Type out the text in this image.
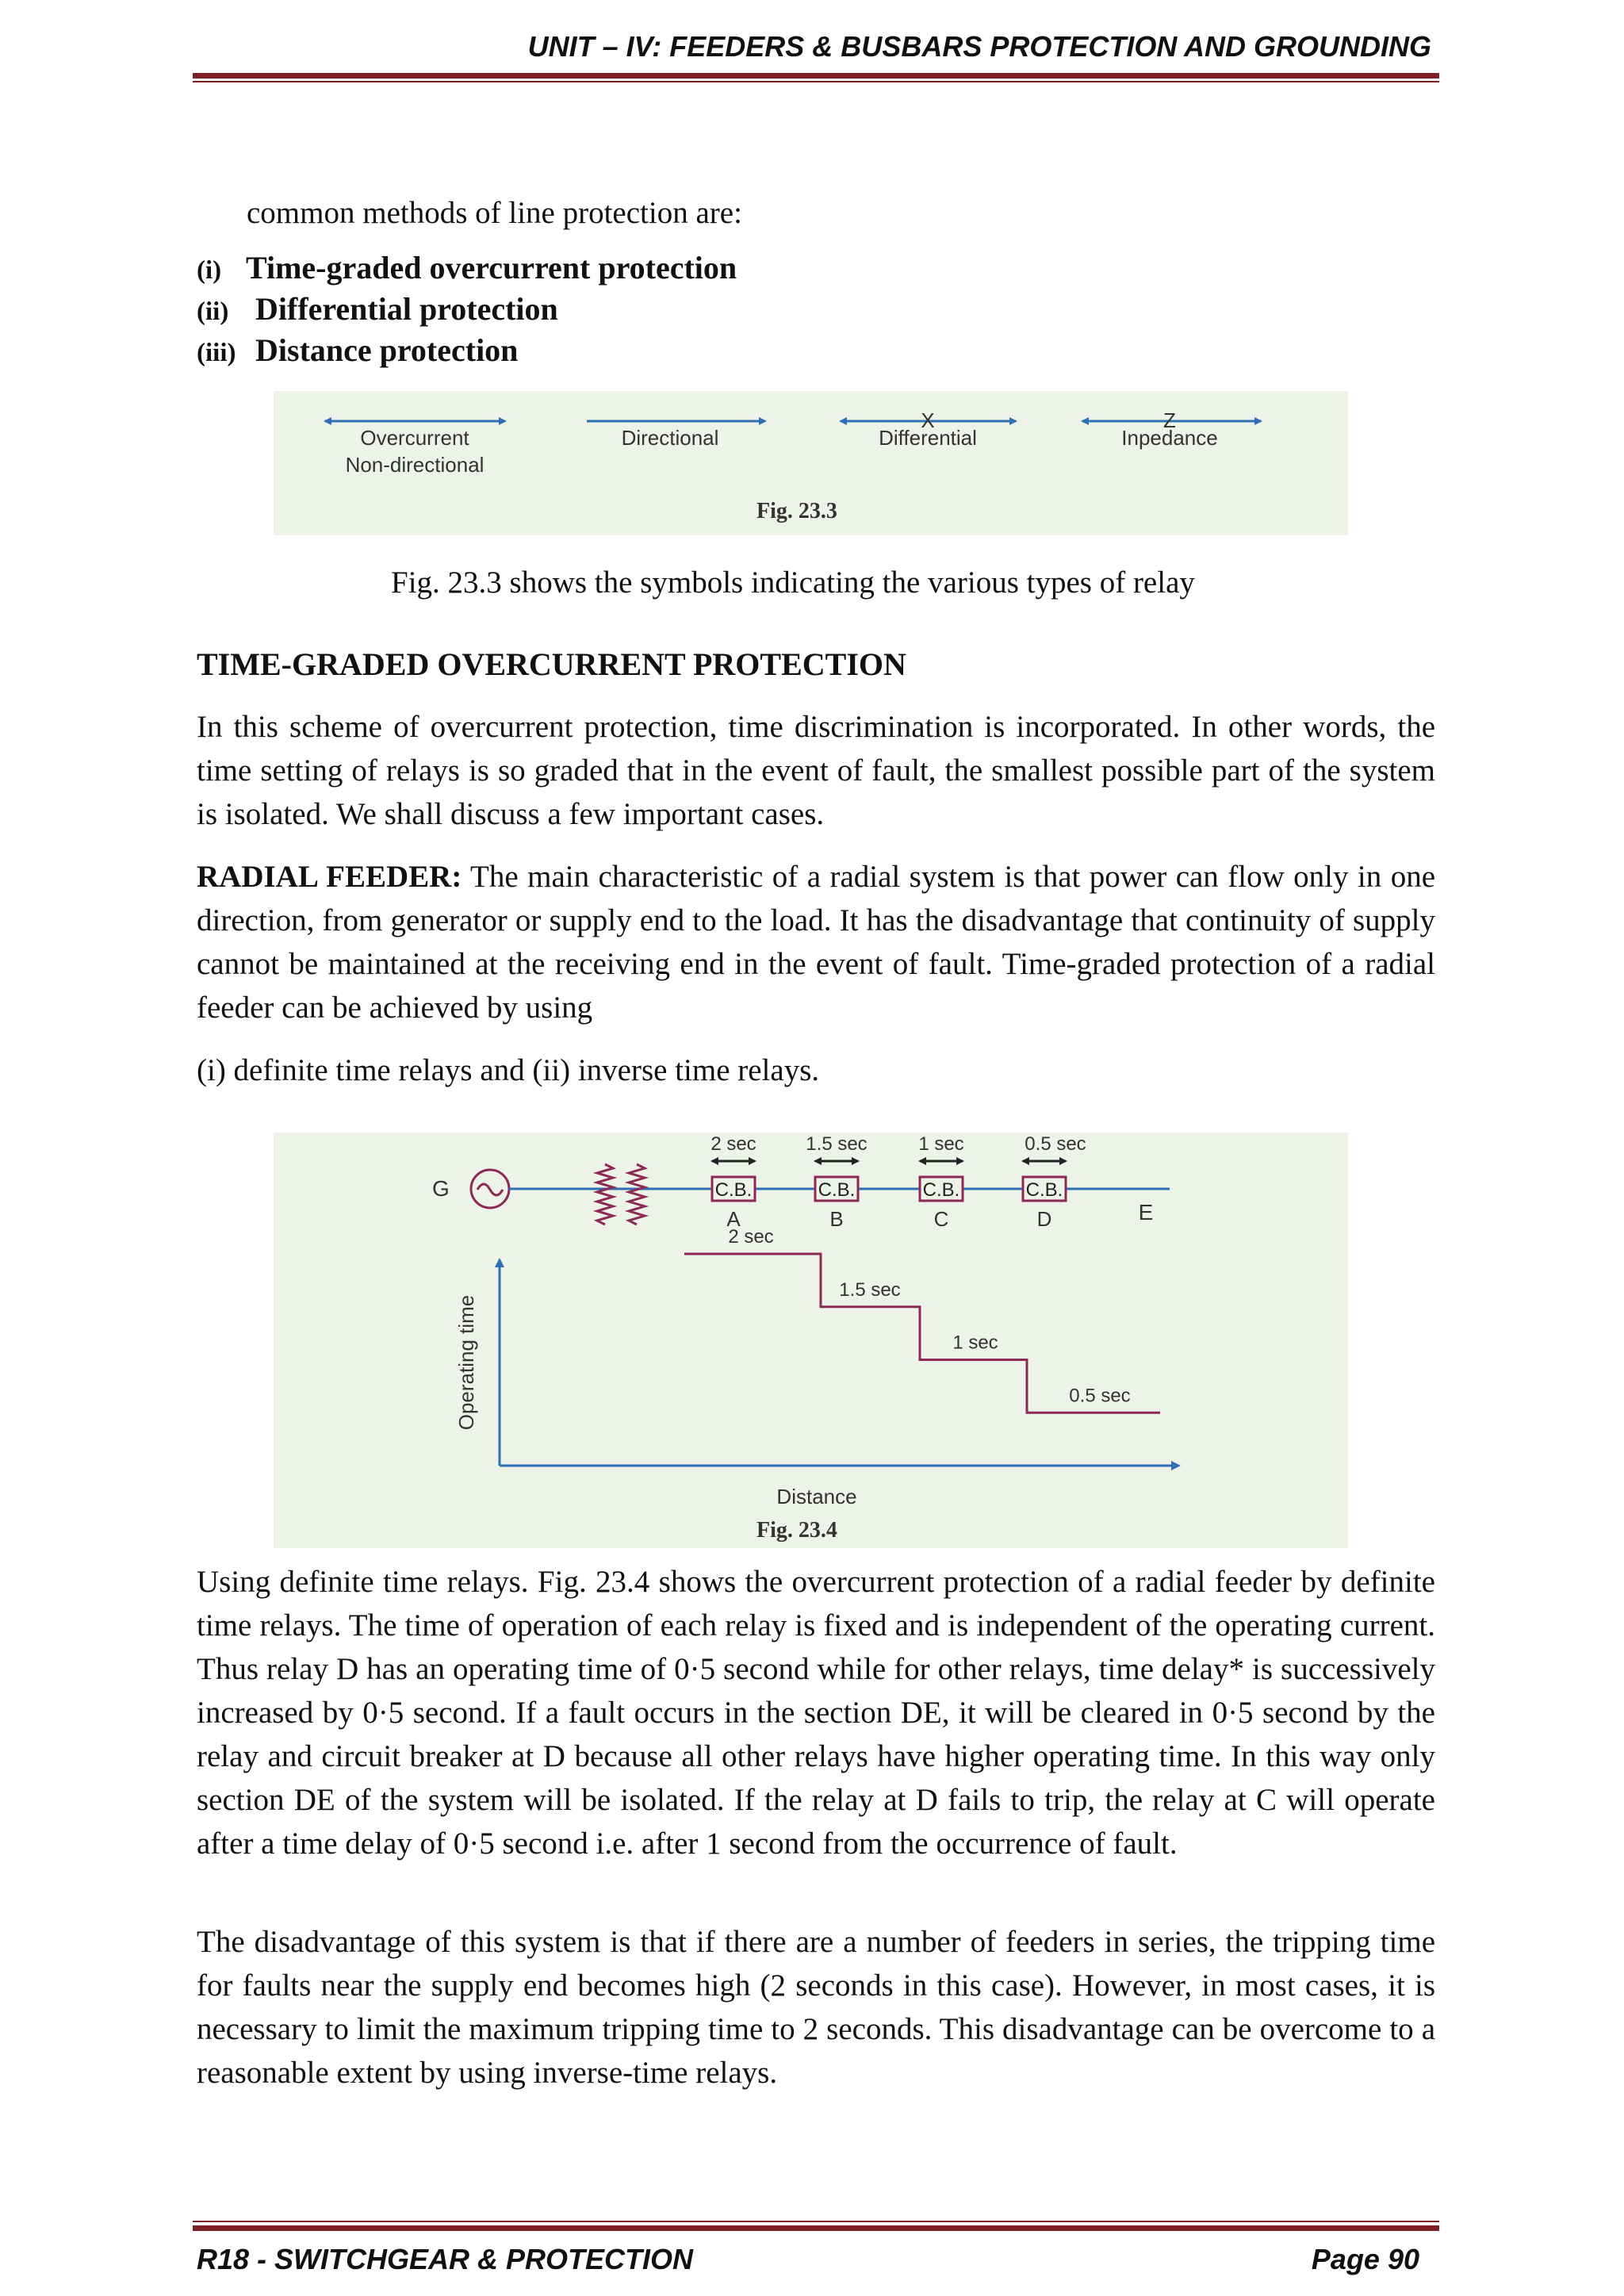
UNIT – IV: FEEDERS & BUSBARS PROTECTION AND GROUNDING

common methods of line protection are:

(i) Time-graded overcurrent protection

(ii) Differential protection

(iii) Distance protection

Overcurrent
Non-directional
Directional
X
Differential
Z
Inpedance
Fig. 23.3

Fig. 23.3 shows the symbols indicating the various types of relay

TIME-GRADED OVERCURRENT PROTECTION

In this scheme of overcurrent protection, time discrimination is incorporated. In other words, the time setting of relays is so graded that in the event of fault, the smallest possible part of the system is isolated. We shall discuss a few important cases.

RADIAL FEEDER: The main characteristic of a radial system is that power can flow only in one direction, from generator or supply end to the load. It has the disadvantage that continuity of supply cannot be maintained at the receiving end in the event of fault. Time-graded protection of a radial feeder can be achieved by using

(i) definite time relays and (ii) inverse time relays.

G	C.B.
A
2 sec
C.B.
B
1.5 sec
C.B.
C
1 sec
C.B.
D
0.5 sec
E
Operating time
Distance
2 sec
1.5 sec
1 sec
0.5 sec
Fig. 23.4

Using definite time relays. Fig. 23.4 shows the overcurrent protection of a radial feeder by definite time relays. The time of operation of each relay is fixed and is independent of the operating current. Thus relay D has an operating time of 0·5 second while for other relays, time delay* is successively increased by 0·5 second. If a fault occurs in the section DE, it will be cleared in 0·5 second by the relay and circuit breaker at D because all other relays have higher operating time. In this way only section DE of the system will be isolated. If the relay at D fails to trip, the relay at C will operate after a time delay of 0·5 second i.e. after 1 second from the occurrence of fault.

The disadvantage of this system is that if there are a number of feeders in series, the tripping time for faults near the supply end becomes high (2 seconds in this case). However, in most cases, it is necessary to limit the maximum tripping time to 2 seconds. This disadvantage can be overcome to a reasonable extent by using inverse-time relays.

R18 - SWITCHGEAR & PROTECTION	Page 90
